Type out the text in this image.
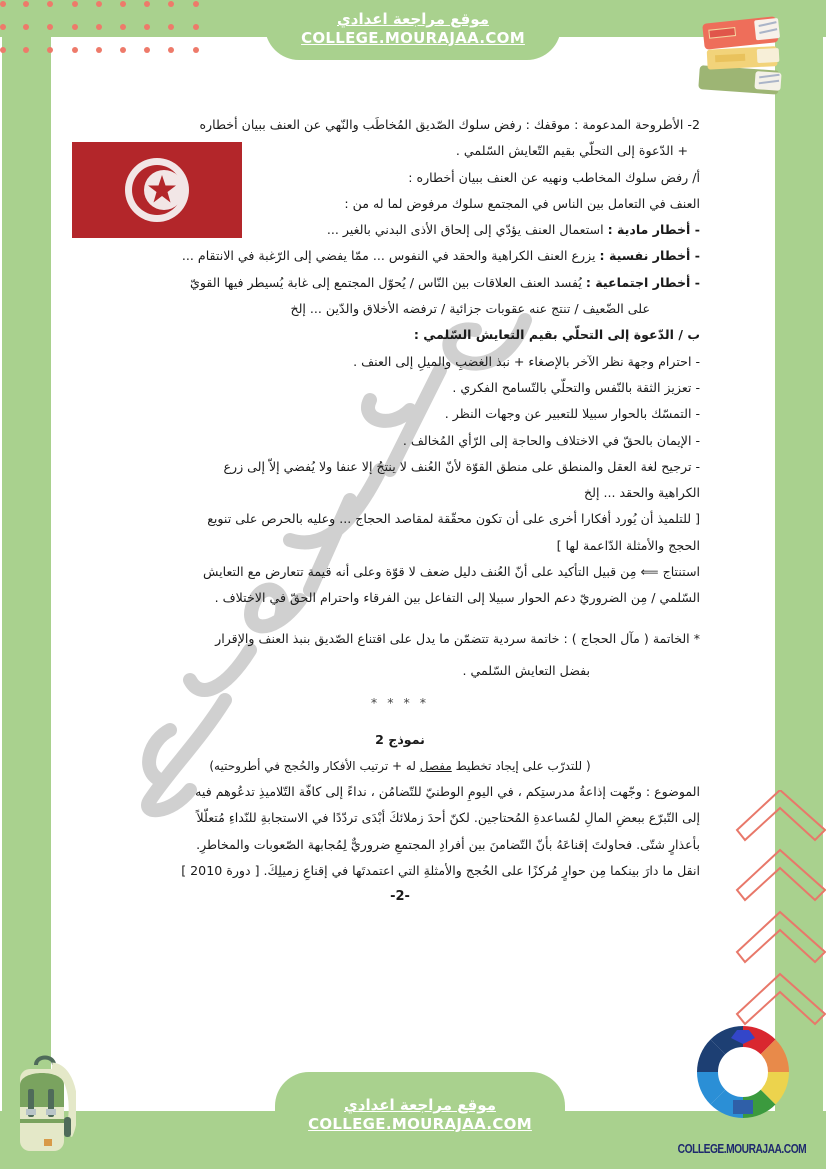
موقع مراجعة اعدادي
COLLEGE.MOURAJAA.COM
2- الأطروحة المدعومة : موقفك : رفض سلوك الصّديق المُخاطَب والنّهي عن العنف ببيان أخطاره
+ الدّعوة إلى التحلّي بقيم التّعايش السّلمي .
أ/ رفض سلوك المخاطب ونهيه عن العنف ببيان أخطاره :
العنف في التعامل بين الناس في المجتمع سلوك مرفوض لما له من :
- أخطار مادية : استعمال العنف يؤدّي إلى إلحاق الأذى البدني بالغير ...
- أخطار نفسية : يزرع العنف الكراهية والحقد في النفوس ... ممّا يفضي إلى الرّغبة في الانتقام ...
- أخطار اجتماعية : يُفسد العنف العلاقات بين النّاس / يُحوّل المجتمع إلى غابة يُسيطر فيها القويّ
على الضّعيف / تنتج عنه عقوبات جزائية / ترفضه الأخلاق والدّين ... إلخ
ب / الدّعوة إلى التحلّي بقيم التعايش السّلمي :
- احترام وجهة نظر الآخر بالإصغاء + نبذ الغضبِ والميلِ إلى العنف .
- تعزيز الثقة بالنّفس والتحلّي بالتّسامح الفكري .
- التمسّك بالحوار سبيلا للتعبير عن وجهات النظر .
- الإيمان بالحقّ في الاختلاف والحاجة إلى الرّأي المُخالف .
- ترجيح لغة العقل والمنطق على منطق القوّة لأنّ العُنف لا ينتجُ إلا عنفا ولا يُفضي إلاّ إلى زرع
الكراهية والحقد ... إلخ
[ للتلميذ أن يُورد أفكارا أخرى على أن تكون محقّقة لمقاصد الحجاج ... وعليه بالحرص على تنويع
الحجج والأمثلة الدّاعمة لها ]
استنتاج ⟸ مِن قبيل التأكيد على أنّ العُنف دليل ضعف لا قوّة وعلى أنه قيمة تتعارض مع التعايش
السّلمي / مِن الضروريّ دعم الحوار سبيلا إلى التفاعل بين الفرقاء واحترام الحقّ في الاختلاف .
* الخاتمة ( مآل الحجاج ) : خاتمة سردية تتضمّن ما يدل على اقتناع الصّديق بنبذ العنف والإقرار
بفضل التعايش السّلمي .
* * * *
نموذج 2
( للتدرّب على إيجاد تخطيط مفصل له + ترتيب الأفكار والحُجج في أطروحتيه)
الموضوع : وجّهت إذاعةُ مدرستِكم ، في اليومِ الوطنيّ للتّضامُن ، نداءً إلى كافّة التّلاميذِ تدعُوهم فيه
إلى التّبرّع ببعضِ المالِ لمُساعدةِ المُحتاجين. لكنّ أحدَ زملائكَ أبْدَى تردّدًا في الاستجابةِ للنّداءِ مُتعلّلاً
بأعذارٍ شتّى. فحاولتَ إقناعَهُ بأنّ التّضامنَ بين أفرادِ المجتمعِ ضروريٌّ لِمُجابهة الصّعوبات والمخاطرِ.
انقل ما دارَ بينكما مِن حوارٍ مُركزًا على الحُجج والأمثلةِ التي اعتمدتَها في إقناعِ زميلِكَ. [ دورة 2010 ]
-2-
COLLEGE.MOURAJAA.COM
موقع مراجعة اعدادي
COLLEGE.MOURAJAA.COM
